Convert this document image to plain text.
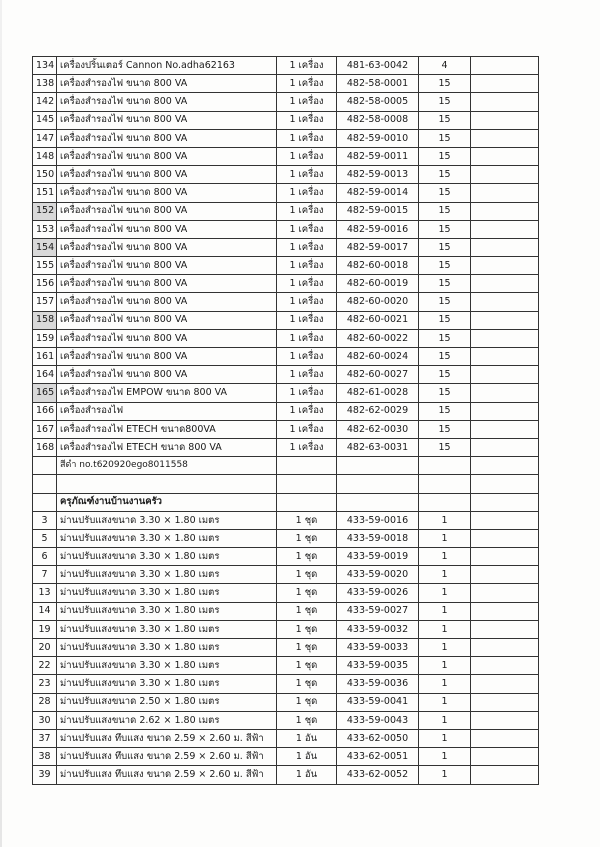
134	เครื่องปริ้นเตอร์ Cannon No.adha62163	1 เครื่อง	481-63-0042	4	
138	เครื่องสำรองไฟ ขนาด 800 VA	1 เครื่อง	482-58-0001	15	
142	เครื่องสำรองไฟ ขนาด 800 VA	1 เครื่อง	482-58-0005	15	
145	เครื่องสำรองไฟ ขนาด 800 VA	1 เครื่อง	482-58-0008	15	
147	เครื่องสำรองไฟ ขนาด 800 VA	1 เครื่อง	482-59-0010	15	
148	เครื่องสำรองไฟ ขนาด 800 VA	1 เครื่อง	482-59-0011	15	
150	เครื่องสำรองไฟ ขนาด 800 VA	1 เครื่อง	482-59-0013	15	
151	เครื่องสำรองไฟ ขนาด 800 VA	1 เครื่อง	482-59-0014	15	
152	เครื่องสำรองไฟ ขนาด 800 VA	1 เครื่อง	482-59-0015	15	
153	เครื่องสำรองไฟ ขนาด 800 VA	1 เครื่อง	482-59-0016	15	
154	เครื่องสำรองไฟ ขนาด 800 VA	1 เครื่อง	482-59-0017	15	
155	เครื่องสำรองไฟ ขนาด 800 VA	1 เครื่อง	482-60-0018	15	
156	เครื่องสำรองไฟ ขนาด 800 VA	1 เครื่อง	482-60-0019	15	
157	เครื่องสำรองไฟ ขนาด 800 VA	1 เครื่อง	482-60-0020	15	
158	เครื่องสำรองไฟ ขนาด 800 VA	1 เครื่อง	482-60-0021	15	
159	เครื่องสำรองไฟ ขนาด 800 VA	1 เครื่อง	482-60-0022	15	
161	เครื่องสำรองไฟ ขนาด 800 VA	1 เครื่อง	482-60-0024	15	
164	เครื่องสำรองไฟ ขนาด 800 VA	1 เครื่อง	482-60-0027	15	
165	เครื่องสำรองไฟ EMPOW ขนาด 800 VA	1 เครื่อง	482-61-0028	15	
166	เครื่องสำรองไฟ	1 เครื่อง	482-62-0029	15	
167	เครื่องสำรองไฟ ETECH ขนาด800VA	1 เครื่อง	482-62-0030	15	
168	เครื่องสำรองไฟ ETECH ขนาด 800 VA	1 เครื่อง	482-63-0031	15	
	สีดำ no.t620920ego8011558				

	ครุภัณฑ์งานบ้านงานครัว				
3	ม่านปรับแสงขนาด 3.30 × 1.80 เมตร	1 ชุด	433-59-0016	1	
5	ม่านปรับแสงขนาด 3.30 × 1.80 เมตร	1 ชุด	433-59-0018	1	
6	ม่านปรับแสงขนาด 3.30 × 1.80 เมตร	1 ชุด	433-59-0019	1	
7	ม่านปรับแสงขนาด 3.30 × 1.80 เมตร	1 ชุด	433-59-0020	1	
13	ม่านปรับแสงขนาด 3.30 × 1.80 เมตร	1 ชุด	433-59-0026	1	
14	ม่านปรับแสงขนาด 3.30 × 1.80 เมตร	1 ชุด	433-59-0027	1	
19	ม่านปรับแสงขนาด 3.30 × 1.80 เมตร	1 ชุด	433-59-0032	1	
20	ม่านปรับแสงขนาด 3.30 × 1.80 เมตร	1 ชุด	433-59-0033	1	
22	ม่านปรับแสงขนาด 3.30 × 1.80 เมตร	1 ชุด	433-59-0035	1	
23	ม่านปรับแสงขนาด 3.30 × 1.80 เมตร	1 ชุด	433-59-0036	1	
28	ม่านปรับแสงขนาด 2.50 × 1.80 เมตร	1 ชุด	433-59-0041	1	
30	ม่านปรับแสงขนาด 2.62 × 1.80 เมตร	1 ชุด	433-59-0043	1	
37	ม่านปรับแสง ทึบแสง ขนาด 2.59 × 2.60 ม. สีฟ้า	1 อัน	433-62-0050	1	
38	ม่านปรับแสง ทึบแสง ขนาด 2.59 × 2.60 ม. สีฟ้า	1 อัน	433-62-0051	1	
39	ม่านปรับแสง ทึบแสง ขนาด 2.59 × 2.60 ม. สีฟ้า	1 อัน	433-62-0052	1	
